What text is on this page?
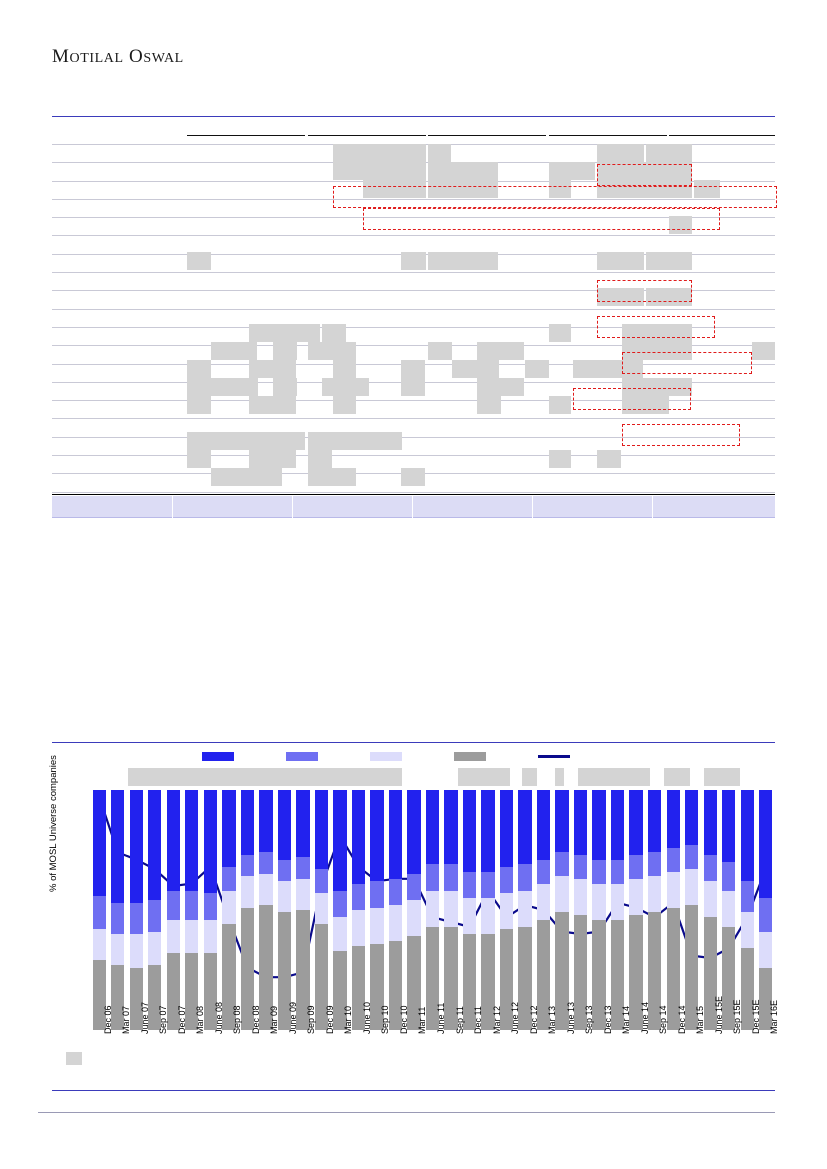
MOTILAL OSWAL
% of MOSL Universe companies
Dec 06 Mar 07 June 07 Sep 07 Dec 07 Mar 08 June 08 Sep 08 Dec 08 Mar 09 June 09 Sep 09 Dec 09 Mar 10 June 10 Sep 10 Dec 10 Mar 11 June 11 Sep 11 Dec 11 Mar 12 June 12 Dec 12 Mar 13 June 13 Sep 13 Dec 13 Mar 14 June 14 Sep 14 Dec 14 Mar 15 June 15E Sep 15E Dec 15E Mar 16E
